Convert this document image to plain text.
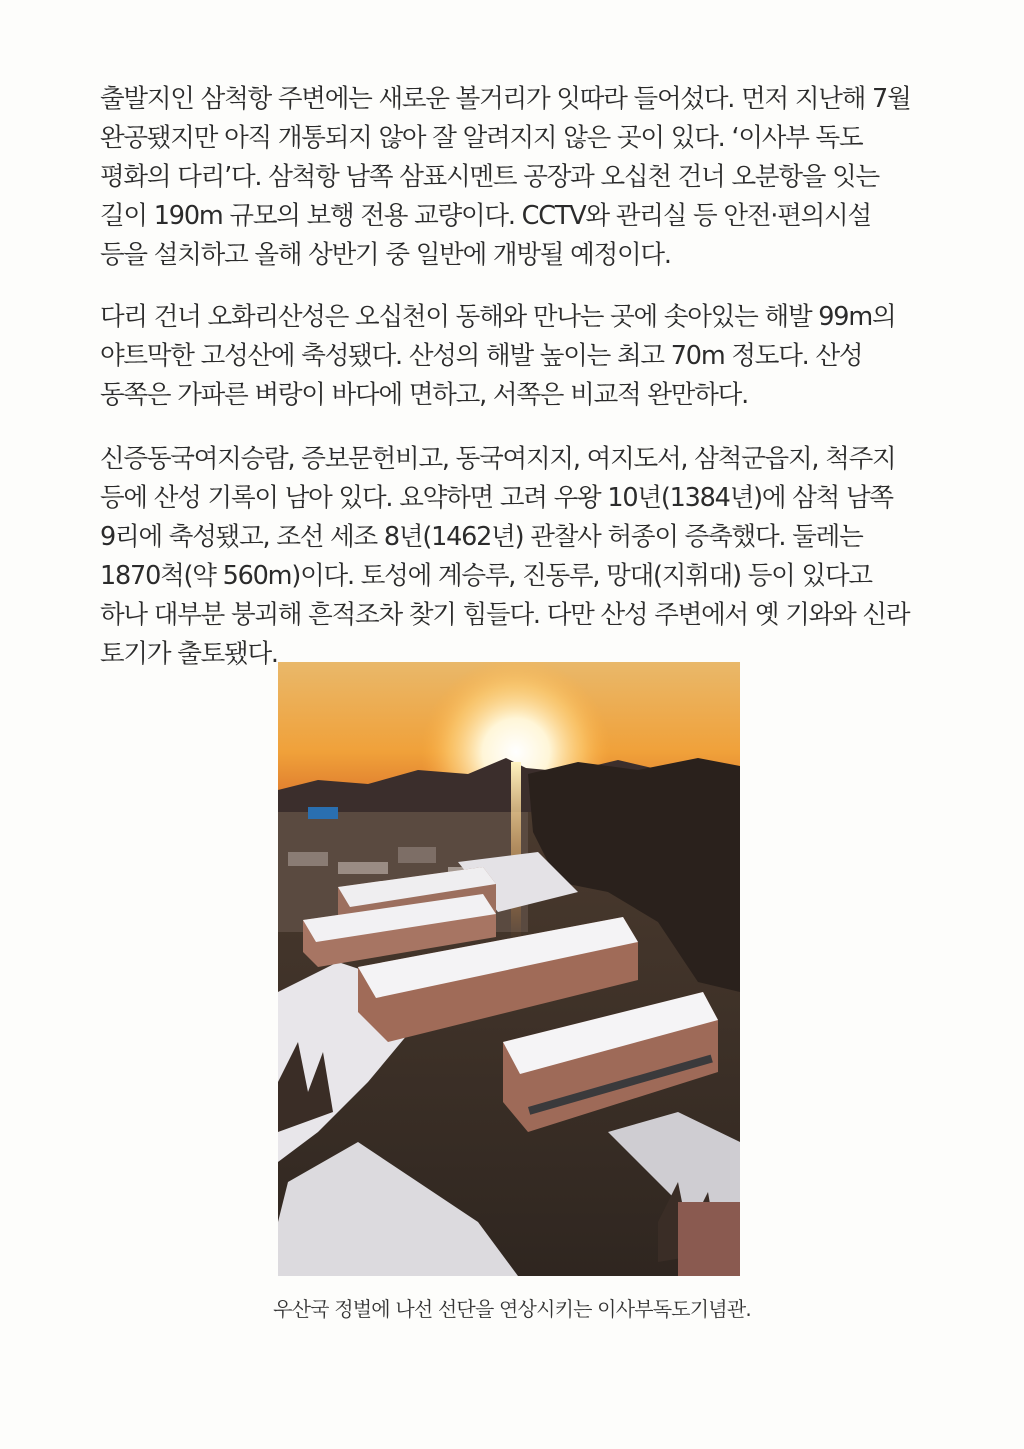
출발지인 삼척항 주변에는 새로운 볼거리가 잇따라 들어섰다. 먼저 지난해 7월 완공됐지만 아직 개통되지 않아 잘 알려지지 않은 곳이 있다. ‘이사부 독도 평화의 다리’다. 삼척항 남쪽 삼표시멘트 공장과 오십천 건너 오분항을 잇는 길이 190m 규모의 보행 전용 교량이다. CCTV와 관리실 등 안전·편의시설 등을 설치하고 올해 상반기 중 일반에 개방될 예정이다.

다리 건너 오화리산성은 오십천이 동해와 만나는 곳에 솟아있는 해발 99m의 야트막한 고성산에 축성됐다. 산성의 해발 높이는 최고 70m 정도다. 산성 동쪽은 가파른 벼랑이 바다에 면하고, 서쪽은 비교적 완만하다.

신증동국여지승람, 증보문헌비고, 동국여지지, 여지도서, 삼척군읍지, 척주지 등에 산성 기록이 남아 있다. 요약하면 고려 우왕 10년(1384년)에 삼척 남쪽 9리에 축성됐고, 조선 세조 8년(1462년) 관찰사 허종이 증축했다. 둘레는 1870척(약 560m)이다. 토성에 계승루, 진동루, 망대(지휘대) 등이 있다고 하나 대부분 붕괴해 흔적조차 찾기 힘들다. 다만 산성 주변에서 옛 기와와 신라 토기가 출토됐다.

우산국 정벌에 나선 선단을 연상시키는 이사부독도기념관.
